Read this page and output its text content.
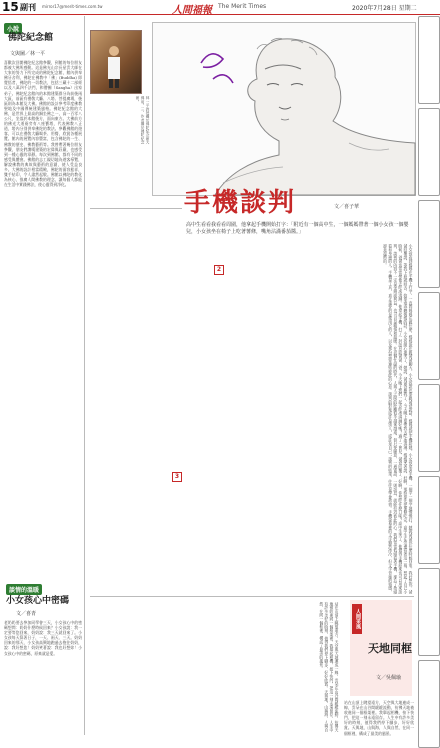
15 副刊 mirror17@merit-times.com.tw	人間福報 The Merit Times	2020年7月28日 星期二
小說
佛陀紀念館
文與圖／林一平
喜歡次回開佛陀紀念館參觀，到館的每位朋友都被大佛所感動。這是佛光山宗長星雲大師在大家的努力下所完成的佛陀紀念館，館內供奉佛牙舍利，佛陀在佛教中「佛」(Buddha) 即覺悟者，佛陀的一切教法，包括三藏十二部經以及八萬四千法門，和僧團（Sangha）出家弟子。佛陀紀念館內的本館建築群分為前後兩大區，前區有禮敬大廳、八塔、菩提廣場，後區則為本館及大佛。佛館的設計參考印度佛教聖地及中國傳統建築風格。佛陀紀念館的大佛，是世界上最高的銅坐佛之一，高一百零八公尺，坐落於本館後方，面向東方。大佛前方的佛光大道兩旁有八座寶塔，代表佛教八正道，塔內分別供奉佛陀的教法。參觀佛館的遊客，可以在禮敬大廳喝茶、用餐，欣賞各種展覽。館內的展覽內容豐富，包含佛陀的一生、佛教的歷史、佛教藝術等。我曾帶著幾位朋友參觀，朋友們讚嘆建築的宏偉與莊嚴，也感受到一種心靈的寧靜。每次到佛館，都有不同的感受與體會。佛館的志工親切地為遊客導覽，解說佛教的典故與藝術的意涵，使人受益良多。大佛的設計相當精緻，佛陀的面容慈祥，雙手結印，令人肅然起敬。佛館以佛陀的教化為核心，推廣人間佛教的理念，讓每個人都能在生活中實踐佛法，使心靈得到淨化。
談情的溫暖
小女孩心中密碼
文／喜青
老奶奶要去參加同學會三天，小女孩心中的密碼想問：奶奶什麼時候回來？小女孩說：我一定要等您回來，奶奶說：我三天就回來了。小女孩每天算著日子，一天、兩天、三天。奶奶回來的那天，小女孩高興地跑過去抱住奶奶，說：我好想您！奶奶笑著說：我也好想妳！小女孩心中的密碼，原來就是愛。
林一平教授攝於佛陀紀念館大佛前。三、作者攝於佛陀紀念館。
手機談判	文／喜子華
高中生看看我看看周圍，他拿起手機開始打字：「附近有一個高中生，一個媽媽帶著一個小女孩一個嬰兒，小女孩坐在椅子上吃著薯條，嘴角沾滿番茄醬。」
小女孩看到媽媽在手機上打字，一直問媽媽在做什麼，媽媽說在跟爸爸聊天。小女孩說也要跟爸爸說話，媽媽就把手機給她。小女孩拿著手機，一個字一個字地慢慢打，她說爸爸你什麼時候回家，我好想你。爸爸回覆說，等我下班就回去，妳要乖乖聽媽媽的話。小女孩開心地笑了，她說，爸爸答應我了，今天晚上要帶我去吃冰淇淋。媽媽笑著說，好啊，那妳要先把薯條吃完。高中生在旁邊看著這一幕，想起了自己小時候，爸爸也常常帶他去吃冰淇淋。他拿起手機，打了一封訊息給爸爸：爸，今天晚上我們一起去吃冰淇淋好嗎？過了一會兒，爸爸回覆了：好啊，你想吃什麼口味？高中生笑了，他覺得手機原來也可以用來談判，談判的內容不一定是金錢或利益，也可以是親情和溫暖。在這個忙碌的時代，人與人之間的距離似乎越來越遠，但只要願意，一通電話、一則訊息，就能拉近彼此的心。我們常常低頭看著手機，卻忘了抬頭看看身邊的人。手機是工具，真正重要的是使用它的人，以及那份想要連結彼此的心意。談判的對象或許是別人，或許是自己；談判的結果，往往是學會珍惜。手機螢幕裡的文字雖然冰冷，但文字背後的情感，卻是溫熱的。
2
3
站在山頂上眺望遠方，天空與大地連成一線，雲朵在山谷間緩緩流動，彷彿天地被收進同一個框架裡。我舉起相機，按下快門，把這一刻永遠留存。人生中有許多美好的時刻，值得我們停下腳步，好好欣賞。天與地，山與海，人與自然，在同一個框裡，構成了最美的風景。	人間采風
天地同框
文／吳佩瑜
站在山頂上眺望遠方，天空與大地連成一線，雲朵在山谷間緩緩流動，彷彿天地被收進同一個框架裡。我舉起相機，按下快門，把這一刻永遠留存。人生中有許多美好的時刻，值得我們停下腳步，好好欣賞。天與地，山與海，人與自然，在同一個框裡，構成了最美的風景。
